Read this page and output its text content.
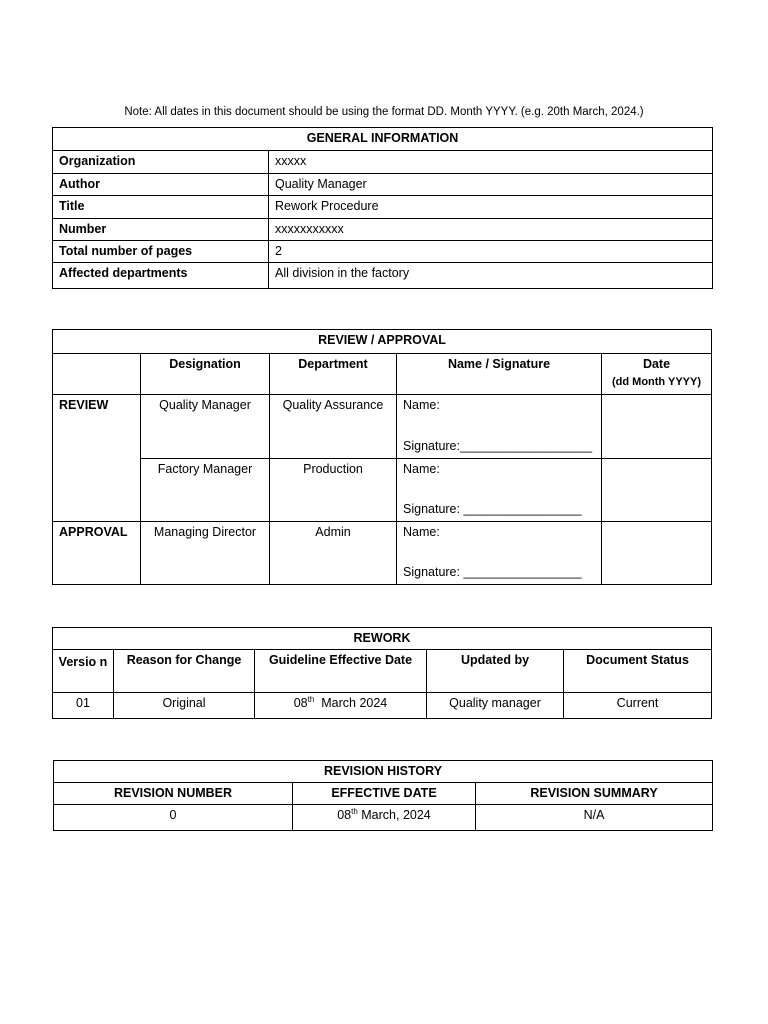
Note: All dates in this document should be using the format DD. Month YYYY. (e.g. 20th March, 2024.)
GENERAL INFORMATION	
Organization	xxxxx
Author	Quality Manager
Title	Rework Procedure
Number	xxxxxxxxxxx
Total number of pages	2
Affected departments	All division in the factory
REVIEW / APPROVAL				
	Designation	Department	Name / Signature	Date
(dd Month YYYY)

REVIEW	Quality Manager	Quality Assurance	Name:
Signature:___________________	

	Factory Manager	Production	Name:
Signature: _________________	

APPROVAL	Managing Director	Admin	Name:
Signature: _________________	

REWORK				
Versio n	Reason for Change	Guideline Effective Date	Updated by	Document Status
01	Original	08th  March 2024	Quality manager	Current
REVISION HISTORY		
REVISION NUMBER	EFFECTIVE DATE	REVISION SUMMARY
0	08th March, 2024	N/A
